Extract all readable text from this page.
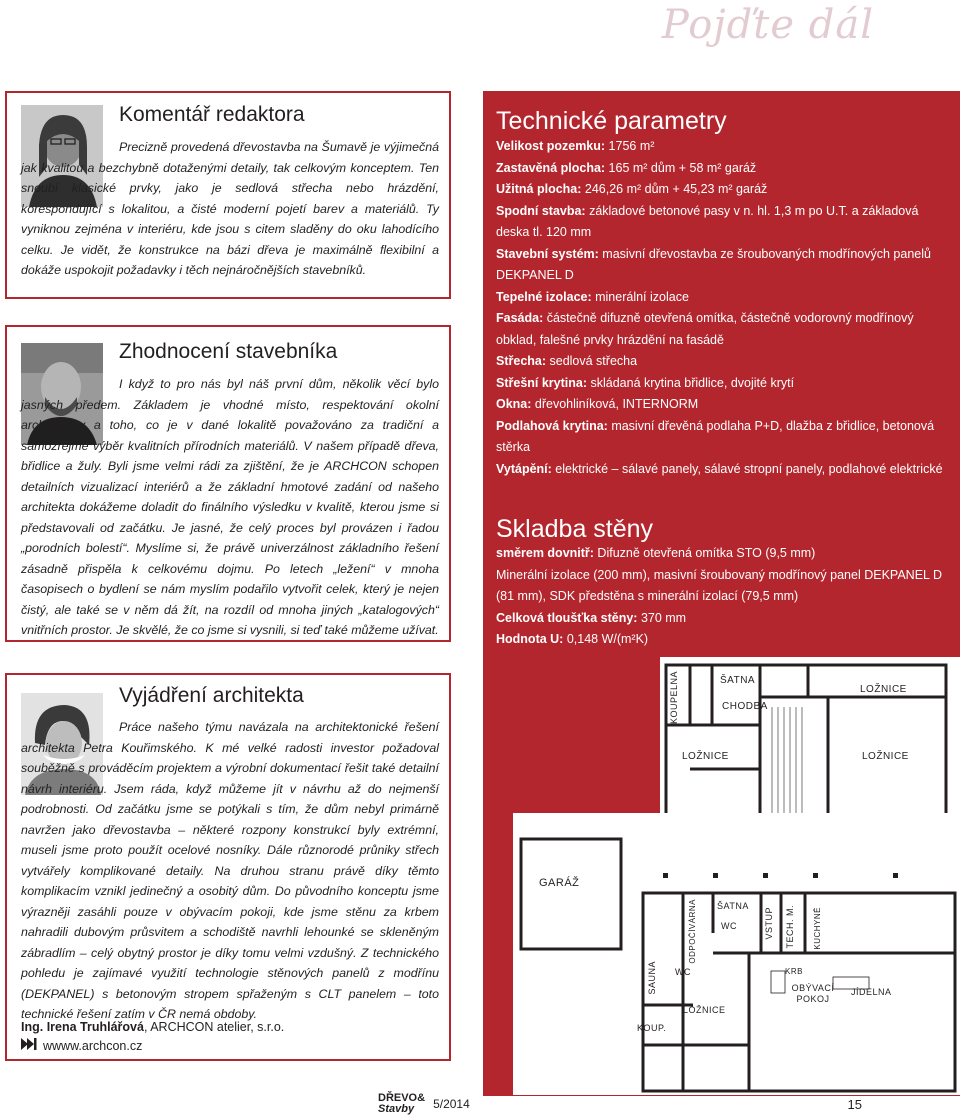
Pojďte dál
Komentář redaktora

Precizně provedená dřevostavba na Šumavě je výjimečná jak kvalitou a bezchybně dotaženými detaily, tak celkovým konceptem. Ten snoubí klasické prvky, jako je sedlová střecha nebo hrázdění, korespondující s lokalitou, a čisté moderní pojetí barev a materiálů. Ty vyniknou zejména v interiéru, kde jsou s citem sladěny do oku lahodícího celku. Je vidět, že konstrukce na bázi dřeva je maximálně flexibilní a dokáže uspokojit požadavky i těch nejnáročnějších stavebníků.

Zhodnocení stavebníka

I když to pro nás byl náš první dům, několik věcí bylo jasných předem. Základem je vhodné místo, respektování okolní architektury a toho, co je v dané lokalitě považováno za tradiční a samozřejmě výběr kvalitních přírodních materiálů. V našem případě dřeva, břidlice a žuly. Byli jsme velmi rádi za zjištění, že je ARCHCON schopen detailních vizualizací interiérů a že základní hmotové zadání od našeho architekta dokážeme doladit do finálního výsledku v kvalitě, kterou jsme si představovali od začátku. Je jasné, že celý proces byl provázen i řadou „porodních bolestí“. Myslíme si, že právě univerzálnost základního řešení zásadně přispěla k celkovému dojmu. Po letech „ležení“ v mnoha časopisech o bydlení se nám myslím podařilo vytvořit celek, který je nejen čistý, ale také se v něm dá žít, na rozdíl od mnoha jiných „katalogových“ vnitřních prostor. Je skvělé, že co jsme si vysnili, si teď také můžeme užívat.

Vyjádření architekta

Práce našeho týmu navázala na architektonické řešení architekta Petra Kouřimského. K mé velké radosti investor požadoval souběžně s prováděcím projektem a výrobní dokumentací řešit také detailní návrh interiéru. Jsem ráda, když můžeme jít v návrhu až do nejmenší podrobnosti. Od začátku jsme se potýkali s tím, že dům nebyl primárně navržen jako dřevostavba – některé rozpony konstrukcí byly extrémní, museli jsme proto použít ocelové nosníky. Dále různorodé průniky střech vytvářely komplikované detaily. Na druhou stranu právě díky těmto komplikacím vznikl jedinečný a osobitý dům. Do původního konceptu jsme výrazněji zasáhli pouze v obývacím pokoji, kde jsme stěnu za krbem nahradili dubovým průsvitem a schodiště navrhli lehounké se skleněným zábradlím – celý obytný prostor je díky tomu velmi vzdušný. Z technického pohledu je zajímavé využití technologie stěnových panelů z modřínu (DEKPANEL) s betonovým stropem spřaženým s CLT panelem – toto technické řešení zatím v ČR nemá obdoby.

Ing. Irena Truhlářová, ARCHCON atelier, s.r.o.
wwww.archcon.cz
Technické parametry
Velikost pozemku: 1756 m²
Zastavěná plocha: 165 m² dům + 58 m² garáž
Užitná plocha: 246,26 m² dům + 45,23 m² garáž
Spodní stavba: základové betonové pasy v n. hl. 1,3 m po U.T. a základová deska tl. 120 mm
Stavební systém: masivní dřevostavba ze šroubovaných modřínových panelů DEKPANEL D
Tepelné izolace: minerální izolace
Fasáda: částečně difuzně otevřená omítka, částečně vodorovný modřínový obklad, falešné prvky hrázdění na fasádě
Střecha: sedlová střecha
Střešní krytina: skládaná krytina břidlice, dvojité krytí
Okna: dřevohliníková, INTERNORM
Podlahová krytina: masivní dřevěná podlaha P+D, dlažba z břidlice, betonová stěrka
Vytápění: elektrické – sálavé panely, sálavé stropní panely, podlahové elektrické
Skladba stěny
směrem dovnitř: Difuzně otevřená omítka STO (9,5 mm)
Minerální izolace (200 mm), masivní šroubovaný modřínový panel DEKPANEL D (81 mm), SDK předstěna s minerální izolací (79,5 mm)
Celková tloušťka stěny: 370 mm
Hodnota U: 0,148 W/(m²K)
KOUPELNA	ŠATNA
LOŽNICE
CHODBA
LOŽNICE	LOŽNICE
GARÁŽ
ODPOČÍVÁRNA ŠATNA
WC	VSTUP TECH. M. KUCHYNĚ
SAUNA WC	KRB
OBÝVACÍ POKOJ
JÍDELNA
LOŽNICE
KOUP.
DŘEVO&
Stavby	5/2014	15
